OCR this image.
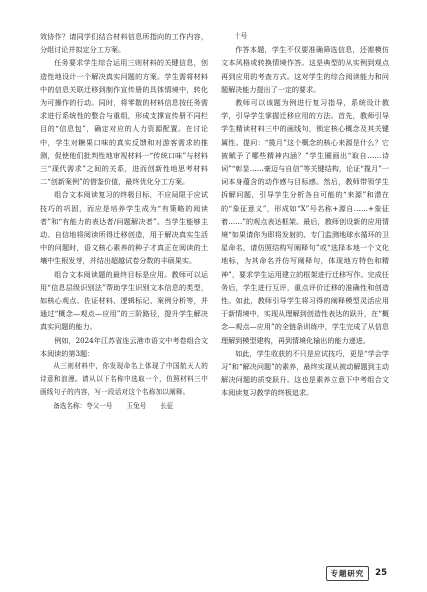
效协作？请同学们结合材料信息所指向的工作内容，分组讨论并拟定分工方案。

任务要求学生综合运用三则材料的关键信息，创造性地设计一个解决真实问题的方案。学生需将材料中的信息关联迁移到制作宣传册的具体情境中，转化为可操作的行动。同时，将零散的材料信息按任务需求进行系统性的整合与重组，形成支撑宣传册不同栏目的“信息包”，确定对应的人力资源配置。在讨论中，学生对糖果口味的真实反馈和对游客需求的推测，促使他们批判性地审视材料一“传统口味”与材料三“现代需求”之间的关系，进而创新性地思考材料二“创新案例”的借鉴价值，最终优化分工方案。

组合文本阅读复习的终极目标，不应局限于应试技巧的巩固，而应是培养学生成为“有策略的阅读者”和“有能力的表达者/问题解决者”。当学生能够主动、自信地将阅读所得迁移创造，用于解决真实生活中的问题时，语文核心素养的种子才真正在阅读的土壤中生根发芽，并结出超越试卷分数的丰硕果实。

组合文本阅读题的最终目标是应用。教师可以运用“信息层级识别法”帮助学生识别文本信息的类型，如核心观点、佐证材料、逻辑标记、案例分析等，并通过“概念—观点—应用”的三阶路径，提升学生解决真实问题的能力。

例如，2024年江苏省连云港市语文中考卷组合文本阅读的第3题：

从三则材料中，你发现命名上体现了中国航天人的诗意和浪漫。请从以下名称中选取一个，仿照材料三中画线句子的内容，写一段话对这个名称加以阐释。

备选名称：夸父一号 玉兔号 长征

十号

作答本题，学生不仅要准确筛选信息，还需模仿文本风格或转换情境作答。这是典型的从实例到观点再到应用的考查方式。这对学生的综合阅读能力和问题解决能力提出了一定的要求。

教师可以该题为例进行复习指导，系统设计教学，引导学生掌握迁移应用的方法。首先，教师引导学生精读材料三中的画线句，锁定核心概念及其关键属性。提问：“揽月”这个概念的核心来源是什么？它被赋予了哪些精神内涵？”学生圈画出“取自……诗词”“彰显……豪迈与自信”等关键结构，论证“揽月”一词本身蕴含的动作感与目标感。然后，教师带领学生拆解问题，引导学生分析各自可能的“来源”和潜在的“象征意义”，形成如“X”号名称+源自……+象征着……”的观点表达框架。最后，教师创设新的应用情境“如果请你为即将发射的、专门监测地球水循环的卫星命名，请仿照结构写阐释句”或“选择本地一个文化地标，为其命名并仿写阐释句，体现地方特色和精神”，要求学生运用建立的框架进行迁移写作。完成任务后，学生进行互评，重点评价迁移的准确性和创造性。如此，教师引导学生将习得的阐释模型灵活应用于新情境中，实现从理解到创造性表达的跃升，在“概念—观点—应用”的全链条训练中，学生完成了从信息理解到模型建构，再到情境化输出的能力递进。

如此，学生收获的不只是应试技巧，更是“学会学习”和“解决问题”的素养，最终实现从被动解题到主动解决问题的质变跃升。这也是素养立意下中考组合文本阅读复习教学的终极追求。

专题研究	25
